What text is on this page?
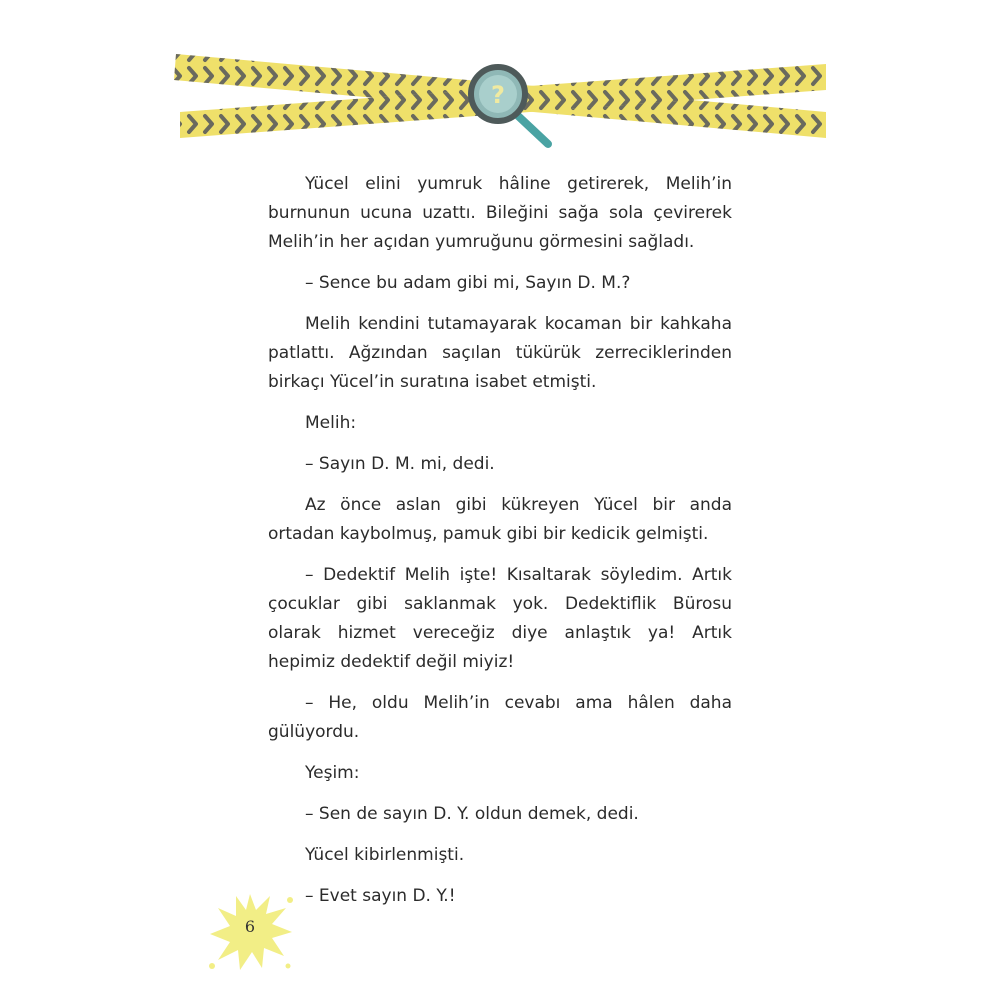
?

Yücel elini yumruk hâline getirerek, Melih’in burnunun ucuna uzattı. Bileğini sağa sola çevirerek Melih’in her açıdan yumruğunu görmesini sağladı.

– Sence bu adam gibi mi, Sayın D. M.?

Melih kendini tutamayarak kocaman bir kahkaha patlattı. Ağzından saçılan tükürük zerreciklerinden birkaçı Yücel’in suratına isabet etmişti.

Melih:

– Sayın D. M. mi, dedi.

Az önce aslan gibi kükreyen Yücel bir anda ortadan kaybolmuş, pamuk gibi bir kedicik gelmişti.

– Dedektif Melih işte! Kısaltarak söyledim. Artık çocuklar gibi saklanmak yok. Dedektiflik Bürosu olarak hizmet vereceğiz diye anlaştık ya! Artık hepimiz dedektif değil miyiz!

– He, oldu Melih’in cevabı ama hâlen daha gülüyordu.

Yeşim:

– Sen de sayın D. Y. oldun demek, dedi.

Yücel kibirlenmişti.

– Evet sayın D. Y.!

6
